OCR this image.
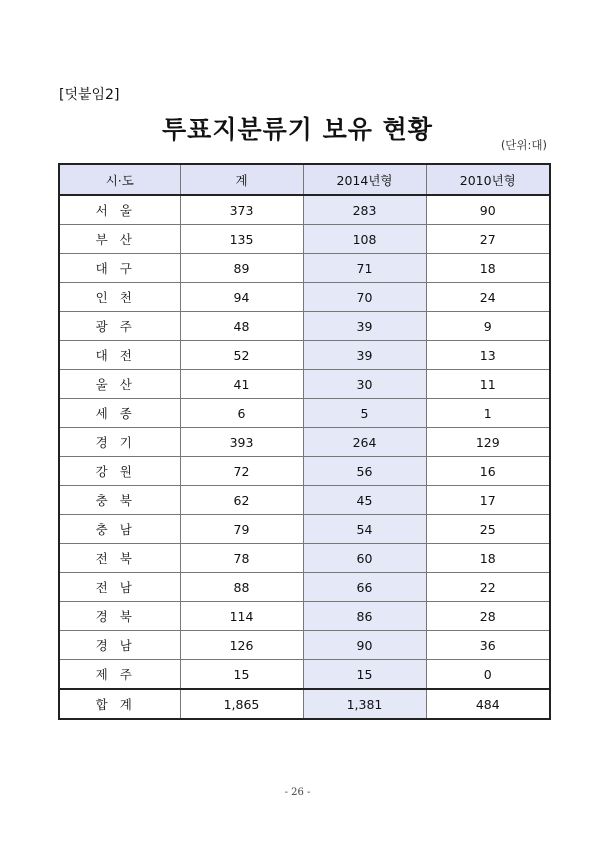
[덧붙임2]
투표지분류기 보유 현황
(단위:대)
시·도	계	2014년형	2010년형
서울	373	283	90
부산	135	108	27
대구	89	71	18
인천	94	70	24
광주	48	39	9
대전	52	39	13
울산	41	30	11
세종	6	5	1
경기	393	264	129
강원	72	56	16
충북	62	45	17
충남	79	54	25
전북	78	60	18
전남	88	66	22
경북	114	86	28
경남	126	90	36
제주	15	15	0
합계	1,865	1,381	484
- 26 -
